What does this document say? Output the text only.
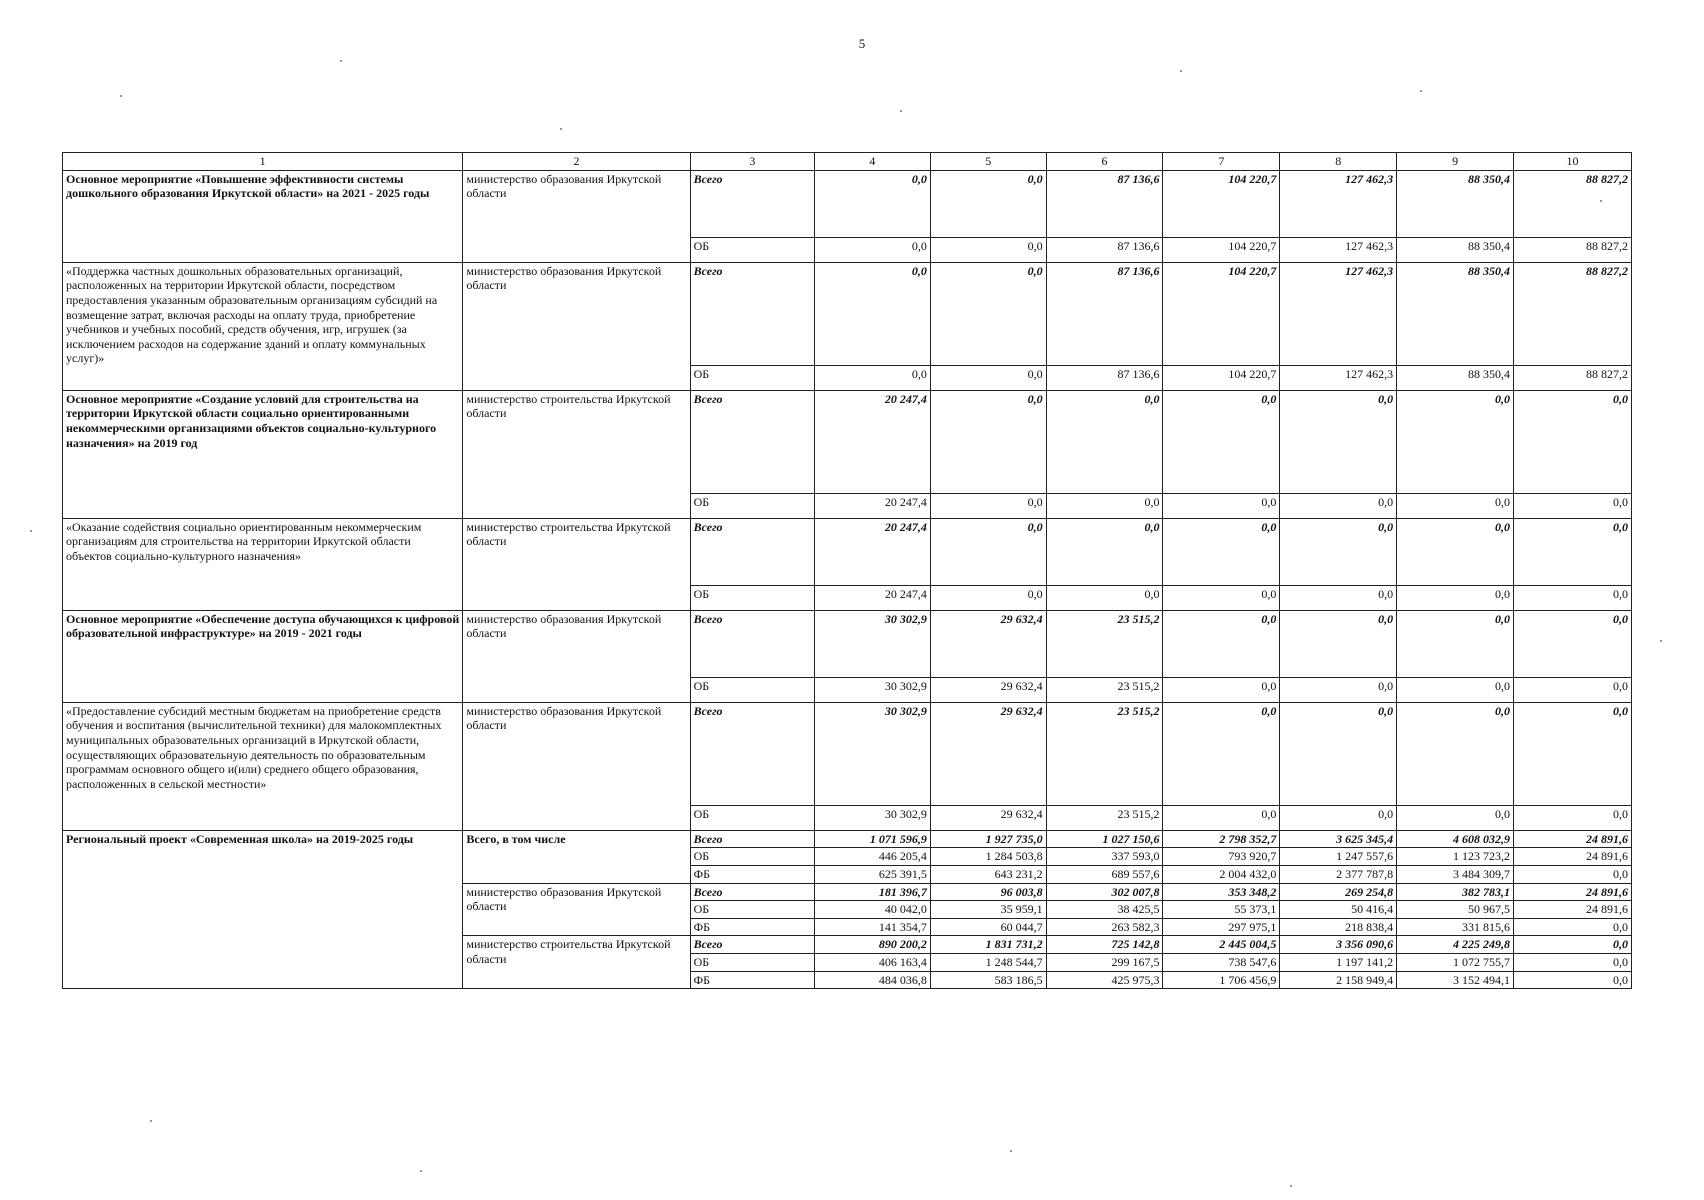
5
1	2	3	4	5	6	7	8	9	10
Основное мероприятие «Повышение эффективности системы дошкольного образования Иркутской области» на 2021 - 2025 годы	министерство образования Иркутской области	Всего	0,0	0,0	87 136,6	104 220,7	127 462,3	88 350,4	88 827,2
		ОБ	0,0	0,0	87 136,6	104 220,7	127 462,3	88 350,4	88 827,2
«Поддержка частных дошкольных образовательных организаций, расположенных на территории Иркутской области, посредством предоставления указанным образовательным организациям субсидий на возмещение затрат, включая расходы на оплату труда, приобретение учебников и учебных пособий, средств обучения, игр, игрушек (за исключением расходов на содержание зданий и оплату коммунальных услуг)»	министерство образования Иркутской области	Всего	0,0	0,0	87 136,6	104 220,7	127 462,3	88 350,4	88 827,2
		ОБ	0,0	0,0	87 136,6	104 220,7	127 462,3	88 350,4	88 827,2
Основное мероприятие «Создание условий для строительства на территории Иркутской области социально ориентированными некоммерческими организациями объектов социально-культурного назначения» на 2019 год	министерство строительства Иркутской области	Всего	20 247,4	0,0	0,0	0,0	0,0	0,0	0,0
		ОБ	20 247,4	0,0	0,0	0,0	0,0	0,0	0,0
«Оказание содействия социально ориентированным некоммерческим организациям для строительства на территории Иркутской области объектов социально-культурного назначения»	министерство строительства Иркутской области	Всего	20 247,4	0,0	0,0	0,0	0,0	0,0	0,0
		ОБ	20 247,4	0,0	0,0	0,0	0,0	0,0	0,0
Основное мероприятие «Обеспечение доступа обучающихся к цифровой образовательной инфраструктуре» на 2019 - 2021 годы	министерство образования Иркутской области	Всего	30 302,9	29 632,4	23 515,2	0,0	0,0	0,0	0,0
		ОБ	30 302,9	29 632,4	23 515,2	0,0	0,0	0,0	0,0
«Предоставление субсидий местным бюджетам на приобретение средств обучения и воспитания (вычислительной техники) для малокомплектных муниципальных образовательных организаций в Иркутской области, осуществляющих образовательную деятельность по образовательным программам основного общего и(или) среднего общего образования, расположенных в сельской местности»	министерство образования Иркутской области	Всего	30 302,9	29 632,4	23 515,2	0,0	0,0	0,0	0,0
		ОБ	30 302,9	29 632,4	23 515,2	0,0	0,0	0,0	0,0
Региональный проект «Современная школа» на 2019-2025 годы	Всего, в том числе	Всего	1 071 596,9	1 927 735,0	1 027 150,6	2 798 352,7	3 625 345,4	4 608 032,9	24 891,6
		ОБ	446 205,4	1 284 503,8	337 593,0	793 920,7	1 247 557,6	1 123 723,2	24 891,6
		ФБ	625 391,5	643 231,2	689 557,6	2 004 432,0	2 377 787,8	3 484 309,7	0,0
	министерство образования Иркутской области	Всего	181 396,7	96 003,8	302 007,8	353 348,2	269 254,8	382 783,1	24 891,6
		ОБ	40 042,0	35 959,1	38 425,5	55 373,1	50 416,4	50 967,5	24 891,6
		ФБ	141 354,7	60 044,7	263 582,3	297 975,1	218 838,4	331 815,6	0,0
	министерство строительства Иркутской области	Всего	890 200,2	1 831 731,2	725 142,8	2 445 004,5	3 356 090,6	4 225 249,8	0,0
		ОБ	406 163,4	1 248 544,7	299 167,5	738 547,6	1 197 141,2	1 072 755,7	0,0
		ФБ	484 036,8	583 186,5	425 975,3	1 706 456,9	2 158 949,4	3 152 494,1	0,0
